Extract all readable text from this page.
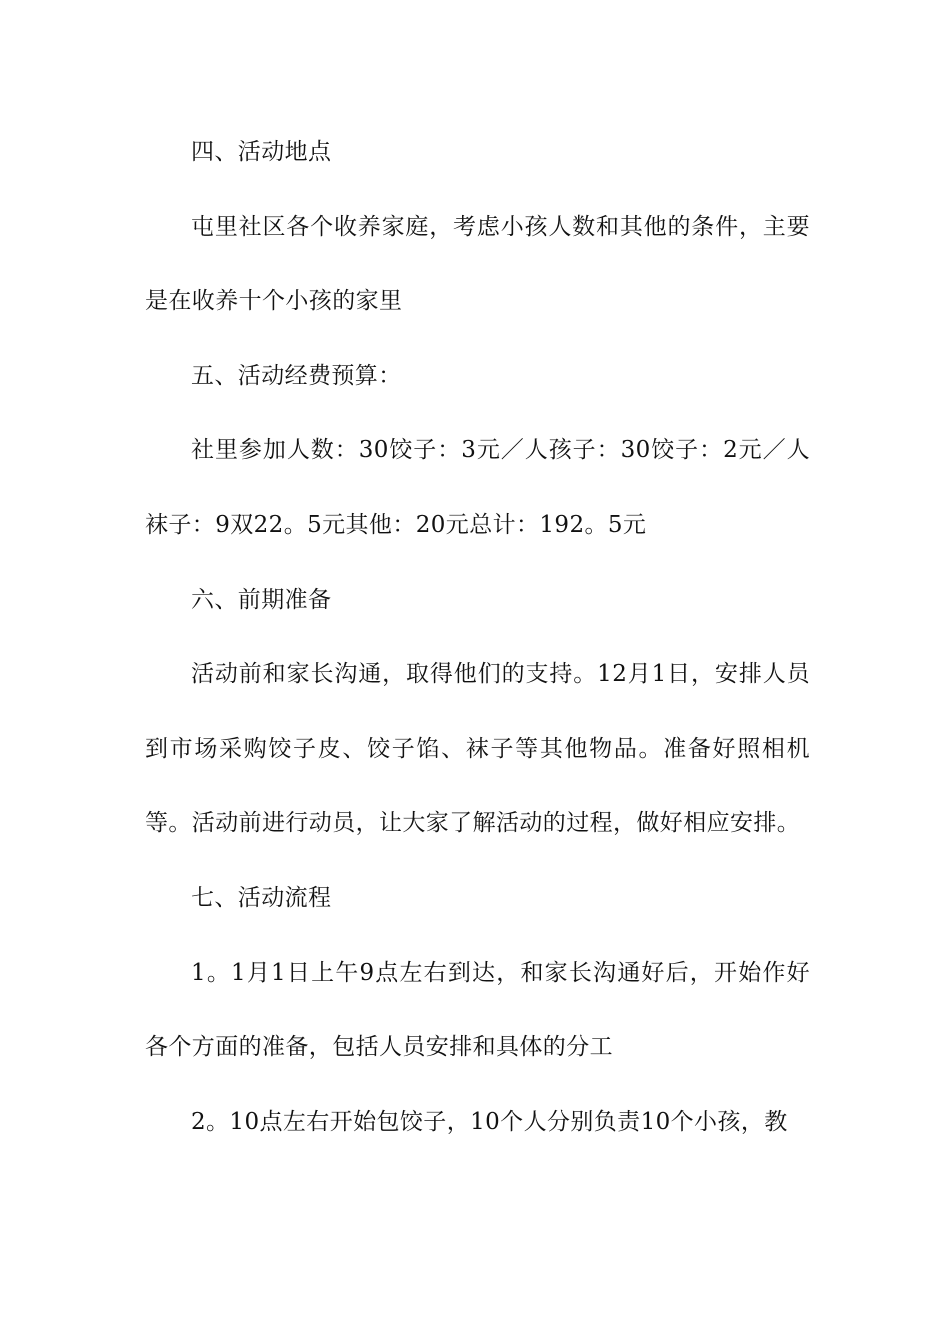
四、活动地点

屯里社区各个收养家庭，考虑小孩人数和其他的条件，主要是在收养十个小孩的家里

五、活动经费预算：

社里参加人数：30饺子：3元／人孩子：30饺子：2元／人袜子：9双22。5元其他：20元总计：192。5元

六、前期准备

活动前和家长沟通，取得他们的支持。12月1日，安排人员到市场采购饺子皮、饺子馅、袜子等其他物品。准备好照相机等。活动前进行动员，让大家了解活动的过程，做好相应安排。

七、活动流程

1。1月1日上午9点左右到达，和家长沟通好后，开始作好各个方面的准备，包括人员安排和具体的分工

2。10点左右开始包饺子，10个人分别负责10个小孩，教
